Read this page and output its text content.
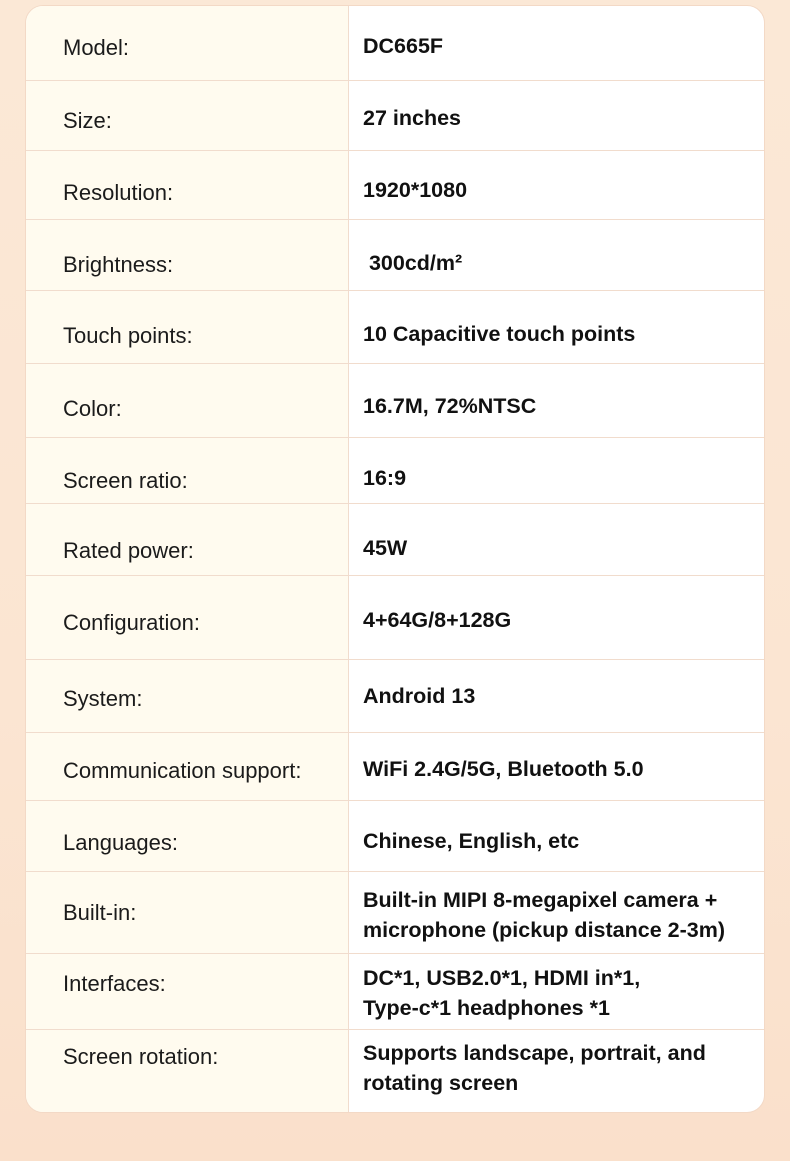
Model:	DC665F
Size:	27 inches
Resolution:	1920*1080
Brightness:	300cd/m²
Touch points:	10 Capacitive touch points
Color:	16.7M, 72%NTSC
Screen ratio:	16:9
Rated power:	45W
Configuration:	4+64G/8+128G
System:	Android 13
Communication support:	WiFi 2.4G/5G, Bluetooth 5.0
Languages:	Chinese, English, etc
Built-in:	Built-in MIPI 8-megapixel camera +
microphone (pickup distance 2-3m)
Interfaces:	DC*1, USB2.0*1, HDMI in*1,
Type-c*1 headphones *1
Screen rotation:	Supports landscape, portrait, and
rotating screen
